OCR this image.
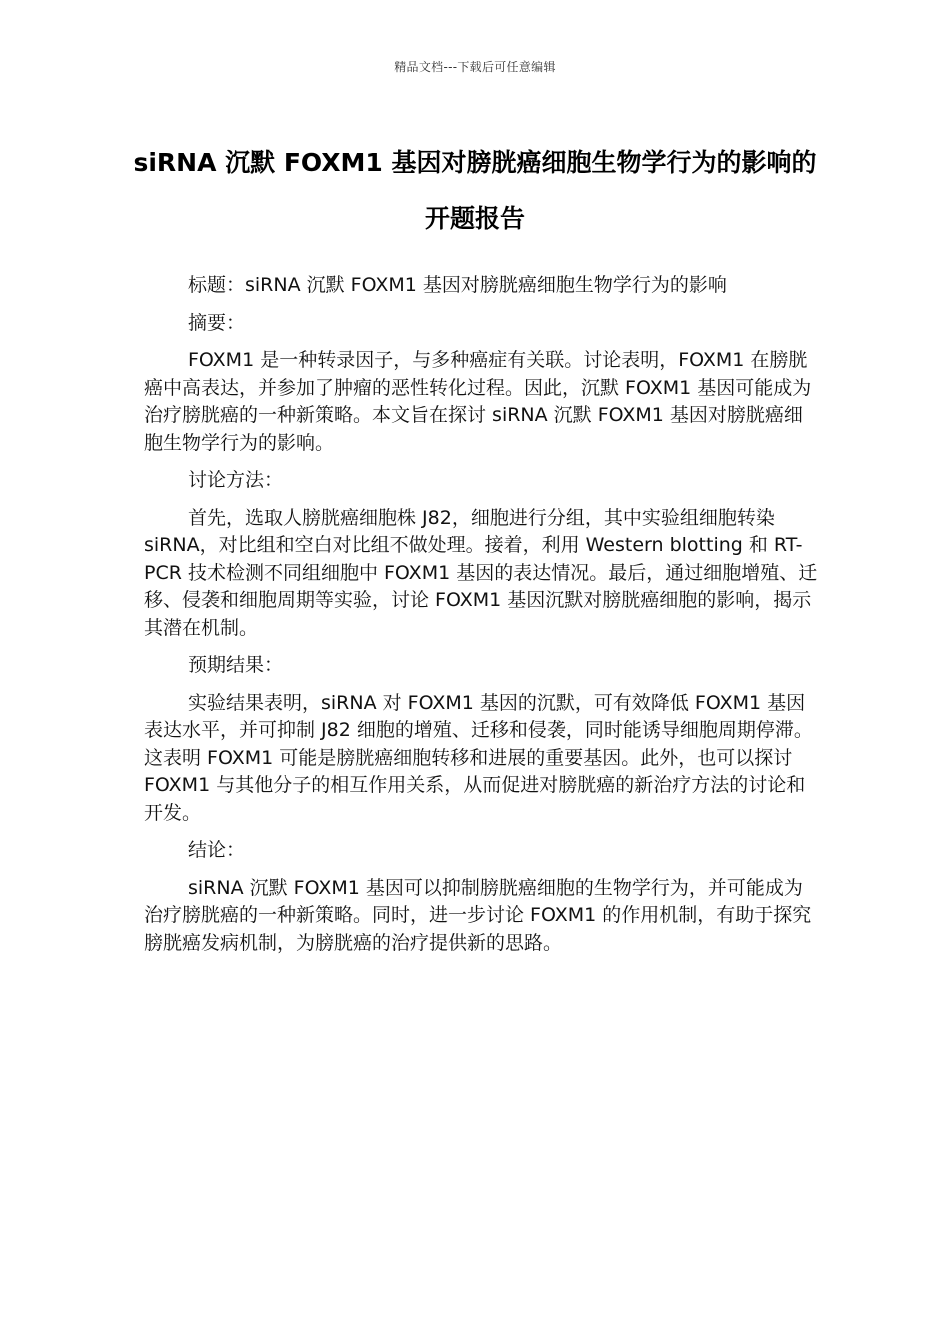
精品文档---下载后可任意编辑
siRNA 沉默 FOXM1 基因对膀胱癌细胞生物学行为的影响的开题报告

标题：siRNA 沉默 FOXM1 基因对膀胱癌细胞生物学行为的影响

摘要：

FOXM1 是一种转录因子，与多种癌症有关联。讨论表明，FOXM1 在膀胱癌中高表达，并参加了肿瘤的恶性转化过程。因此，沉默 FOXM1 基因可能成为治疗膀胱癌的一种新策略。本文旨在探讨 siRNA 沉默 FOXM1 基因对膀胱癌细胞生物学行为的影响。

讨论方法：

首先，选取人膀胱癌细胞株 J82，细胞进行分组，其中实验组细胞转染 siRNA，对比组和空白对比组不做处理。接着，利用 Western blotting 和 RT-PCR 技术检测不同组细胞中 FOXM1 基因的表达情况。最后，通过细胞增殖、迁移、侵袭和细胞周期等实验，讨论 FOXM1 基因沉默对膀胱癌细胞的影响，揭示其潜在机制。

预期结果：

实验结果表明，siRNA 对 FOXM1 基因的沉默，可有效降低 FOXM1 基因表达水平，并可抑制 J82 细胞的增殖、迁移和侵袭，同时能诱导细胞周期停滞。这表明 FOXM1 可能是膀胱癌细胞转移和进展的重要基因。此外，也可以探讨 FOXM1 与其他分子的相互作用关系，从而促进对膀胱癌的新治疗方法的讨论和开发。

结论：

siRNA 沉默 FOXM1 基因可以抑制膀胱癌细胞的生物学行为，并可能成为治疗膀胱癌的一种新策略。同时，进一步讨论 FOXM1 的作用机制，有助于探究膀胱癌发病机制，为膀胱癌的治疗提供新的思路。
